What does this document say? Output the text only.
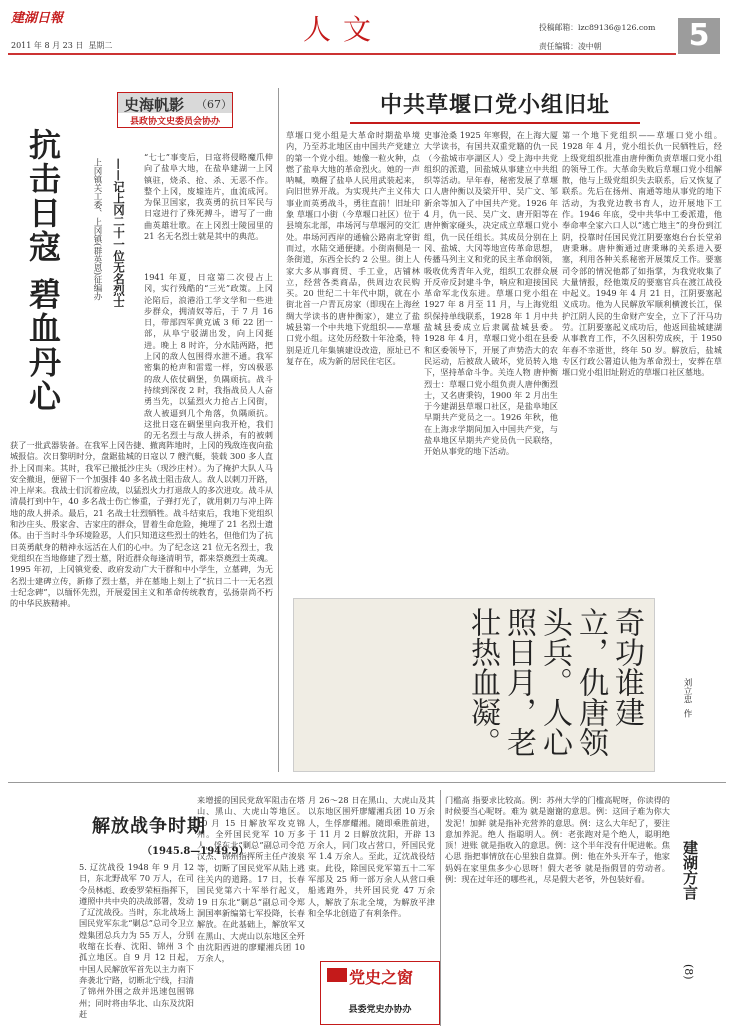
建湖日報
2011 年 8 月 23 日 星期二	人文	投稿邮箱：lzc89136@126.com
责任编辑：凌中朝	5
史海帆影 （67）
县政协文史委员会协办
抗击日寇 碧血丹心	——记上冈二十一位无名烈士
上冈镇关工委、上冈镇(群英恩)征编办
“七七”事变后，日寇将侵略魔爪伸向了盐阜大地，在盐阜建湖一上冈镇驻，烧杀、抢、杀、无恶不作。整个上冈，废墟连片，血流成河。为保卫国家，我英勇的抗日军民与日寇进行了殊死搏斗，谱写了一曲曲英雄壮歌。在上冈烈士陵园里的 21 名无名烈士就是其中的典范。
1941 年夏，日寇第二次侵占上冈，实行残酷的“三光”政策。上冈沦陷后，浪港沿工学文学和一些进步群众，拥清奴等后，于 7 月 16 日，带部四军黄克诚 3 师 22 团一部，从阜宁驳湖出发，向上冈挺进。晚上 8 时许，分水陆两路，把上冈的敌人包围得水泄不通。我军密集的枪声和雷霆一样，穷凶极恶的敌人依仗碉堡，负隅顽抗。战斗持续到深夜 2 时，我指战员人人奋勇当先，以猛烈火力抢占上冈街，敌人被逼到几个角落，负隅顽抗。这批日寇在碉堡里向我开枪，我们的无名烈士与敌人拼杀，有的被刺
获了一批武器装备。在我军上冈告捷、撤离阵地时，上冈的残敌连夜向盐城报信。次日黎明时分，盘踞盐城的日寇以 7 艘汽艇，装载 300 多人直扑上冈而来。其时，我军已撤抵沙庄头（现沙庄村）。为了掩护大队人马安全撤退，便留下一个加强排 40 多名战士阻击敌人。敌人以刺刀开路，冲上岸来。我战士们沉着应战，以猛烈火力打退敌人的多次进攻。战斗从清晨打到中午，40 多名战士伤亡惨重，子弹打光了，就用刺刀与冲上阵地的敌人拼杀。最后，21 名战士壮烈牺牲。战斗结束后，我地下党组织和沙庄头、殷家舍、吉家庄的群众，冒着生命危险，掩埋了 21 名烈士遗体。由于当时斗争环境险恶，人们只知道这些烈士的姓名，但他们为了抗日英勇献身的精神永远活在人们的心中。为了纪念这 21 位无名烈士，我党组织在当地修建了烈士墓，附近群众每逢清明节，都来祭奠烈士英魂。1995 年初，上冈镇党委、政府发动广大干群和中小学生，立墓碑，为无名烈士建碑立传，新修了烈士墓，并在墓地上刻上了“抗日二十一无名烈士纪念碑”，以缅怀先烈，开展爱国主义和革命传统教育，弘扬崇尚不朽的中华民族精神。
中共草堰口党小组旧址
草堰口党小组是大革命时期盐阜境内，乃至苏北地区由中国共产党建立的第一个党小组。她像一粒火种，点燃了盐阜大地的革命烈火。她的一声呐喊，唤醒了盐阜人民用武装起来，向旧世界开战。为实现共产主义伟大事业而英勇战斗，勇往直前！旧址印象 草堰口小街（今草堰口社区）位于县境东北部，串场河与草堰河的交汇处。串场河西岸的通榆公路南北穿街而过，水陆交通便捷。小街南侧是一条街道，东西全长约 2 公里。街上人家大多从事商贸、手工业，店铺林立，经营各类商品，供周边农民购买。20 世纪二十年代中期，就在小街北首一户青瓦房家（即现在上海丝绸大学读书的唐仲衡家），建立了盐城县第一个中共地下党组织——草堰口党小组。这处历经数十年沧桑，特别是近几年集镇建设改造，原址已不复存在，成为新的居民住宅区。
史事沧桑 1925 年寒假，在上海大厦大学读书，有国共双重党籍的仇一民（今盐城市亭湖区人）受上海中共党组织的派遣，回盐城从事建立中共组织等活动。早年春，秘密发展了草堰口人唐仲衡以及梁开甲、吴广文、邹新余等加入了中国共产党。1926 年 4 月，仇一民、吴广文、唐开阳等在唐仲衡家碰头，决定成立草堰口党小组，仇一民任组长。其成员分别在上冈、盐城、大冈等地宣传革命思想，传播马列主义和党的民主革命纲领，吸收优秀青年入党，组织工农群众展开反帝反封建斗争，响应和迎接国民革命军北伐东进。草堰口党小组在 1927 年 8 月至 11 月，与上海党组织保持单线联系，1928 年 1 月中共盐城县委成立后隶属盐城县委。1928 年 4 月，草堰口党小组在县委和区委领导下，开展了声势浩大的农民运动，后被敌人破坏，党员转入地下，坚持革命斗争。关连人物 唐仲衡烈士：草堰口党小组负责人唐仲衡烈士，又名唐秉钧，1900 年 2 月出生于今建湖县草堰口社区，是盐阜地区早期共产党员之一。1926 年秋，他在上海求学期间加入中国共产党，与盐阜地区早期共产党员仇一民联络，开始从事党的地下活动。
第一个地下党组织——草堰口党小组。1928 年 4 月，党小组长仇一民牺牲后，经上级党组织批准由唐仲衡负责草堰口党小组的领导工作。大革命失败后草堰口党小组解散，他与上级党组织失去联系，后又恢复了联系。先后在扬州、南通等地从事党的地下活动，为我党边教书育人，边开展地下工作。1946 年底，受中共华中工委派遣，他奉命率全家六口人以“逃亡地主”的身份到江阴，投靠时任国民党江阴要塞炮台台长堂弟唐秉琳。唐仲衡通过唐秉琳的关系进入要塞，利用各种关系秘密开展策反工作。要塞司令部的情况他都了如指掌，为我党收集了大量情报，经他策反的要塞官兵在渡江战役中起义。1949 年 4 月 21 日，江阴要塞起义成功。他为人民解放军顺利横渡长江，保护江阴人民的生命财产安全，立下了汗马功劳。江阴要塞起义成功后，他返回盐城建湖从事教育工作，不久因积劳成疾，于 1950 年春不幸逝世，终年 50 岁。解放后，盐城专区行政公署追认他为革命烈士，安葬在草堰口党小组旧址附近的草堰口社区墓地。
奇功谁建立，仇唐领头兵。人心照日月，老壮热血凝。	刘立忠  作
解放战争时期
（1945.8—1949.9）
5. 辽沈战役 1948 年 9 月 12 日，东北野战军 70 万人，在司令员林彪、政委罗荣桓指挥下，遵照中共中央的决战部署，发动了辽沈战役。当时，东北战场上国民党军东北“剿总”总司令卫立煌集团总兵力为 55 万人，分别收缩在长春、沈阳、锦州 3 个孤立地区。自 9 月 12 日起，中国人民解放军首先以主力南下奔袭北宁路，切断北宁线，扫清了锦州外围之敌并迅速包围锦州；同时将由华北、山东及沈阳赶
来增援的国民党敌军阻击在塔山、黑山、大虎山等地区。10 月 15 日解放军攻克锦州。全歼国民党军 10 万多人，俘东北“剿总”副总司令范汉杰、锦州指挥所主任卢浚泉等，切断了国民党军从陆上逃往关内的道路。17 日，长春国民党第六十军举行起义，19 日东北“剿总”副总司令郑洞国率新编第七军投降，长春解放。在此基础上，解放军又在黑山、大虎山以东地区全歼由沈阳西进的廖耀湘兵团 10 万余人，
月 26～28 日在黑山、大虎山及其以东地区围歼廖耀湘兵团 10 万余人，生俘廖耀湘。随即乘胜前进，于 11 月 2 日解放沈阳，开辟 13 万余人，同门攻占营口，歼国民党军 1.4 万余人。至此，辽沈战役结束。此役，除国民党军第五十二军军部及 25 师一部万余人从营口乘船逃跑外，共歼国民党 47 万余人，解放了东北全境，为解放平津和全华北创造了有利条件。
党史之窗
县委党史办协办
门槛高 指要求比较高。例：苏州大学的门槛高呢呀，你读得的时候要当心呢呀。难为 就是谢谢的意思。例：这回子难为你大发泥！加鲜 就是指补充营养的意思。例：这么大年纪了，要注意加养泥。绝人 指聪明人。例：老张跑对是个绝人，聪明绝顶！进账 就是指收入的意思。例：这个半年没有什呢进帐。焦心思 指把事情放在心里独自盘算。例：他在外头开车子，他家妈妈在家里焦多少心思呀！假大老爷 就是指假冒的劳动者。例：现在过年还的哪些礼，尽是假大老爷，外包装好看。	建湖方言
(8)
